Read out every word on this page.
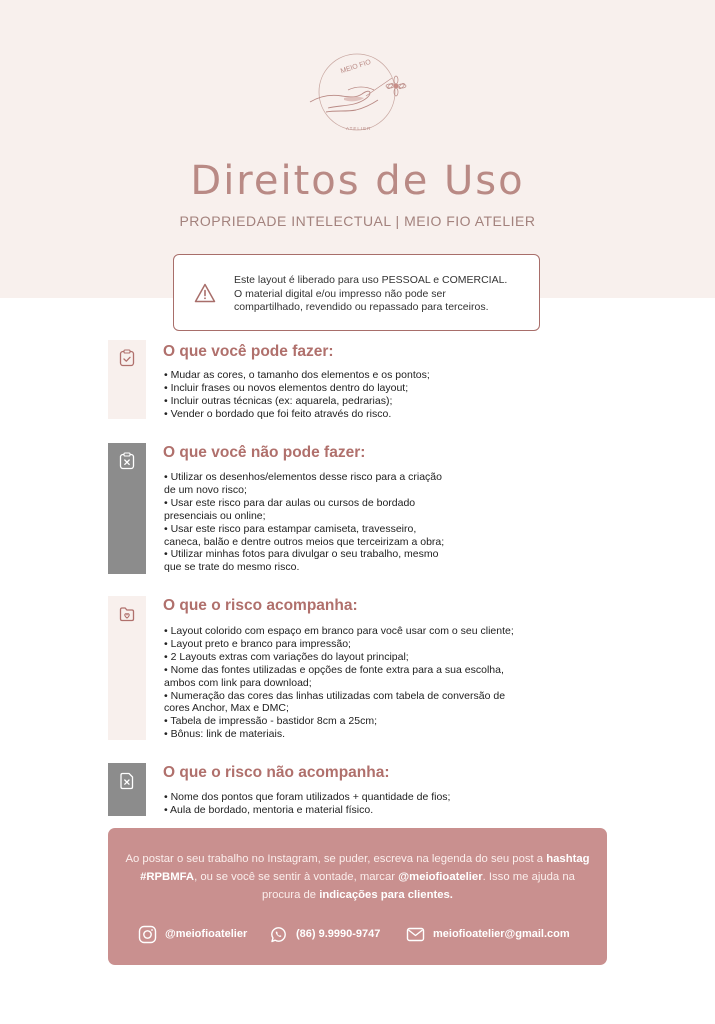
MEIO FIO
ATELIER
Direitos de Uso
PROPRIEDADE INTELECTUAL | MEIO FIO ATELIER
Este layout é liberado para uso PESSOAL e COMERCIAL.
O material digital e/ou impresso não pode ser
compartilhado, revendido ou repassado para terceiros.
O que você pode fazer:
• Mudar as cores, o tamanho dos elementos e os pontos;
• Incluir frases ou novos elementos dentro do layout;
• Incluir outras técnicas (ex: aquarela, pedrarias);
• Vender o bordado que foi feito através do risco.
O que você não pode fazer:
• Utilizar os desenhos/elementos desse risco para a criação
de um novo risco;
• Usar este risco para dar aulas ou cursos de bordado
presenciais ou online;
• Usar este risco para estampar camiseta, travesseiro,
caneca, balão e dentre outros meios que terceirizam a obra;
• Utilizar minhas fotos para divulgar o seu trabalho, mesmo
que se trate do mesmo risco.
O que o risco acompanha:
• Layout colorido com espaço em branco para você usar com o seu cliente;
• Layout preto e branco para impressão;
• 2 Layouts extras com variações do layout principal;
• Nome das fontes utilizadas e opções de fonte extra para a sua escolha,
ambos com link para download;
• Numeração das cores das linhas utilizadas com tabela de conversão de
cores Anchor, Max e DMC;
• Tabela de impressão - bastidor 8cm a 25cm;
• Bônus: link de materiais.
O que o risco não acompanha:
• Nome dos pontos que foram utilizados + quantidade de fios;
• Aula de bordado, mentoria e material físico.
Ao postar o seu trabalho no Instagram, se puder, escreva na legenda do seu post a hashtag #RPBMFA, ou se você se sentir à vontade, marcar @meiofioatelier. Isso me ajuda na procura de indicações para clientes.
@meiofioatelier	(86) 9.9990-9747	meiofioatelier@gmail.com
